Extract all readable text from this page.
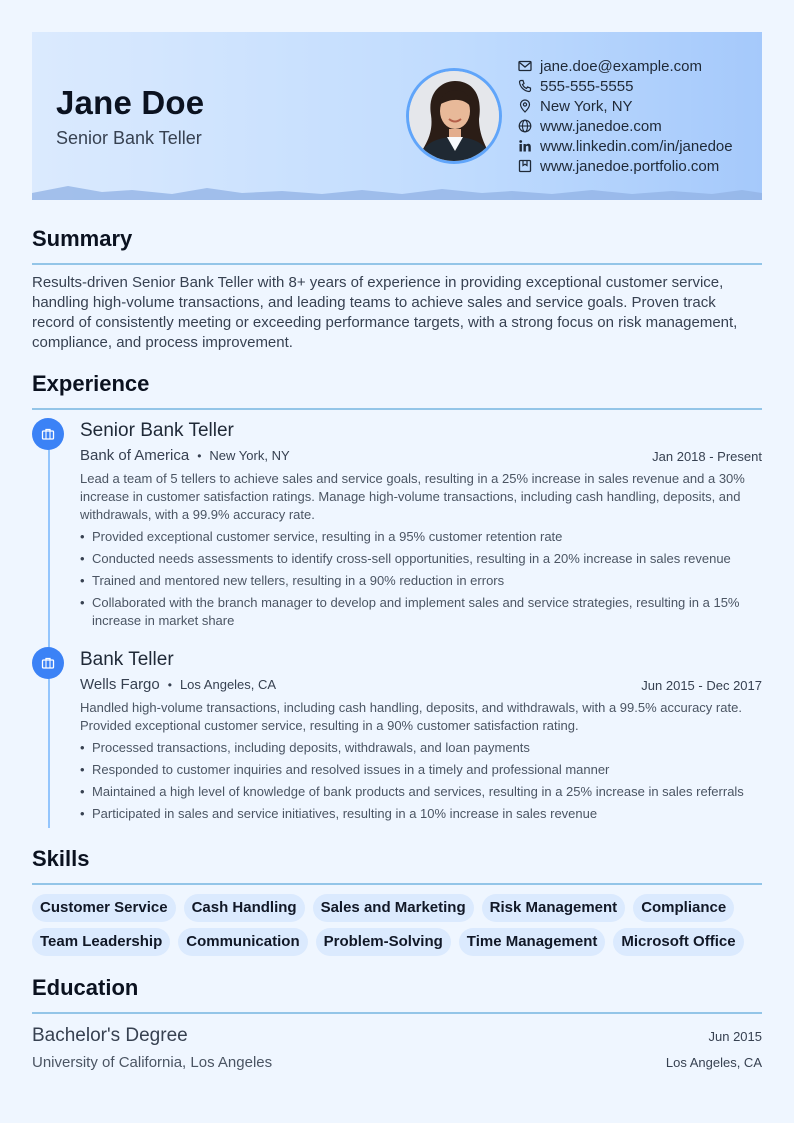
Jane Doe
Senior Bank Teller
jane.doe@example.com
555-555-5555
New York, NY
www.janedoe.com
www.linkedin.com/in/janedoe
www.janedoe.portfolio.com
Summary
Results-driven Senior Bank Teller with 8+ years of experience in providing exceptional customer service, handling high-volume transactions, and leading teams to achieve sales and service goals. Proven track record of consistently meeting or exceeding performance targets, with a strong focus on risk management, compliance, and process improvement.
Experience
Senior Bank Teller
Bank of America • New York, NY	Jan 2018 - Present
Lead a team of 5 tellers to achieve sales and service goals, resulting in a 25% increase in sales revenue and a 30% increase in customer satisfaction ratings. Manage high-volume transactions, including cash handling, deposits, and withdrawals, with a 99.9% accuracy rate.
• Provided exceptional customer service, resulting in a 95% customer retention rate
• Conducted needs assessments to identify cross-sell opportunities, resulting in a 20% increase in sales revenue
• Trained and mentored new tellers, resulting in a 90% reduction in errors
• Collaborated with the branch manager to develop and implement sales and service strategies, resulting in a 15% increase in market share
Bank Teller
Wells Fargo • Los Angeles, CA	Jun 2015 - Dec 2017
Handled high-volume transactions, including cash handling, deposits, and withdrawals, with a 99.5% accuracy rate. Provided exceptional customer service, resulting in a 90% customer satisfaction rating.
• Processed transactions, including deposits, withdrawals, and loan payments
• Responded to customer inquiries and resolved issues in a timely and professional manner
• Maintained a high level of knowledge of bank products and services, resulting in a 25% increase in sales referrals
• Participated in sales and service initiatives, resulting in a 10% increase in sales revenue
Skills
Customer Service	Cash Handling	Sales and Marketing	Risk Management	Compliance
Team Leadership	Communication	Problem-Solving	Time Management	Microsoft Office
Education
Bachelor's Degree	Jun 2015
University of California, Los Angeles	Los Angeles, CA
